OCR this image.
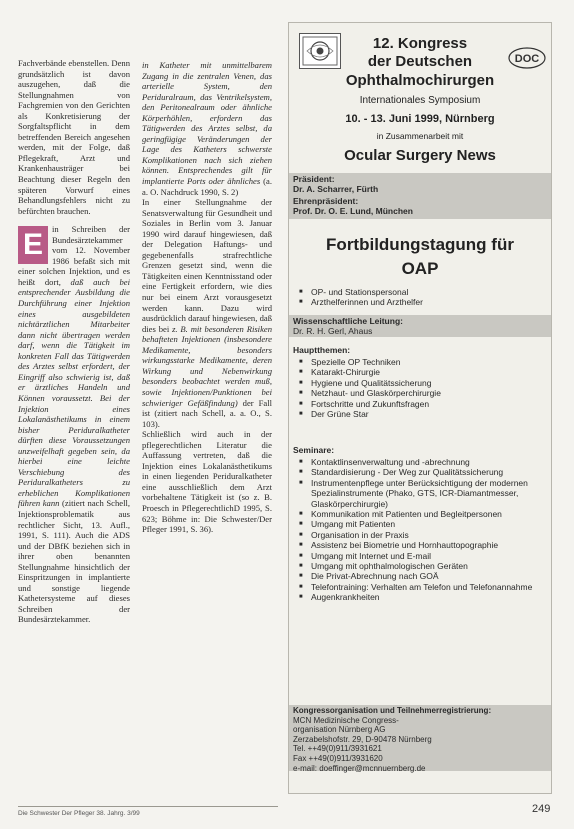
Fachverbände ebenstellen. Denn grundsätzlich ist davon auszugehen, daß die Stellungnahmen von Fachgremien von den Gerichten als Konkretisierung der Sorgfaltspflicht in dem betreffenden Bereich angesehen werden, mit der Folge, daß Pflegekraft, Arzt und Krankenhausträger bei Beachtung dieser Regeln den späteren Vorwurf eines Behandlungsfehlers nicht zu befürchten brauchen.

E	in Schreiben der Bundesärztekammer vom 12. November 1986 befaßt sich mit einer solchen Injektion, und es heißt dort, daß auch bei entsprechender Ausbildung die Durchführung einer Injektion eines ausgebildeten nichtärztlichen Mitarbeiter dann nicht übertragen werden darf, wenn die Tätigkeit im konkreten Fall das Tätigwerden des Arztes selbst erfordert, der Eingriff also schwierig ist, daß er ärztliches Handeln und Können voraussetzt. Bei der Injektion eines Lokalanästhetikums in einem bisher Periduralkatheter dürften diese Voraussetzungen unzweifelhaft gegeben sein, da hierbei eine leichte Verschiebung des Periduralkatheters zu erheblichen Komplikationen führen kann (zitiert nach Schell, Injektionsproblematik aus rechtlicher Sicht, 13. Aufl., 1991, S. 111). Auch die ADS und der DBfK beziehen sich in ihrer oben benannten Stellungnahme hinsichtlich der Einspritzungen in implantierte und sonstige liegende Kathetersysteme auf dieses Schreiben der Bundesärztekammer.

in Katheter mit unmittelbarem Zugang in die zentralen Venen, das arterielle System, den Periduralraum, das Ventrikelsystem, den Peritonealraum oder ähnliche Körperhöhlen, erfordern das Tätigwerden des Arztes selbst, da geringfügige Veränderungen der Lage des Katheters schwerste Komplikationen nach sich ziehen können. Entsprechendes gilt für implantierte Ports oder ähnliches (a. a. O. Nachdruck 1990, S. 2)

In einer Stellungnahme der Senatsverwaltung für Gesundheit und Soziales in Berlin vom 3. Januar 1990 wird darauf hingewiesen, daß der Delegation Haftungs- und gegebenenfalls strafrechtliche Grenzen gesetzt sind, wenn die Tätigkeiten einen Kenntnisstand oder eine Fertigkeit erfordern, wie dies nur bei einem Arzt vorausgesetzt werden kann. Dazu wird ausdrücklich darauf hingewiesen, daß dies bei z. B. mit besonderen Risiken behafteten Injektionen (insbesondere Medikamente, besonders wirkungsstarke Medikamente, deren Wirkung und Nebenwirkung besonders beobachtet werden muß, sowie Injektionen/Punktionen bei schwieriger Gefäßfindung) der Fall ist (zitiert nach Schell, a. a. O., S. 103).

Schließlich wird auch in der pflegerechtlichen Literatur die Auffassung vertreten, daß die Injektion eines Lokalanästhetikums in einen liegenden Periduralkatheter eine ausschließlich dem Arzt vorbehaltene Tätigkeit ist (so z. B. Proesch in PflegerechtlichD 1995, S. 623; Böhme in: Die Schwester/Der Pfleger 1991, S. 36).

DOC
12. Kongress
der Deutschen
Ophthalmochirurgen
Internationales Symposium
10. - 13. Juni 1999, Nürnberg
in Zusammenarbeit mit
Ocular Surgery News
Präsident:
Dr. A. Scharrer, Fürth
Ehrenpräsident:
Prof. Dr. O. E. Lund, München
Fortbildungstagung für
OAP
■ OP- und Stationspersonal
■ Arzthelferinnen und Arzthelfer
Wissenschaftliche Leitung:
Dr. R. H. Gerl, Ahaus
Hauptthemen:
■ Spezielle OP Techniken
■ Katarakt-Chirurgie
■ Hygiene und Qualitätssicherung
■ Netzhaut- und Glaskörperchirurgie
■ Fortschritte und Zukunftsfragen
■ Der Grüne Star
Seminare:
■ Kontaktlinsenverwaltung und -abrechnung
■ Standardisierung - Der Weg zur Qualitätssicherung
■ Instrumentenpflege unter Berücksichtigung der modernen Spezialinstrumente (Phako, GTS, ICR-Diamantmesser, Glaskörperchirurgie)
■ Kommunikation mit Patienten und Begleitpersonen
■ Umgang mit Patienten
■ Organisation in der Praxis
■ Assistenz bei Biometrie und Hornhauttopographie
■ Umgang mit Internet und E-mail
■ Umgang mit ophthalmologischen Geräten
■ Die Privat-Abrechnung nach GOÄ
■ Telefontraining: Verhalten am Telefon und Telefonannahme
■ Augenkrankheiten
Kongressorganisation und Teilnehmerregistrierung:
MCN Medizinische Congress-
organisation Nürnberg AG
Zerzabelshofstr. 29, D-90478 Nürnberg
Tel. ++49(0)911/3931621
Fax ++49(0)911/3931620
e-mail: doeffinger@mcnnuernberg.de
Die Schwester Der Pfleger 38. Jahrg. 3/99	249
